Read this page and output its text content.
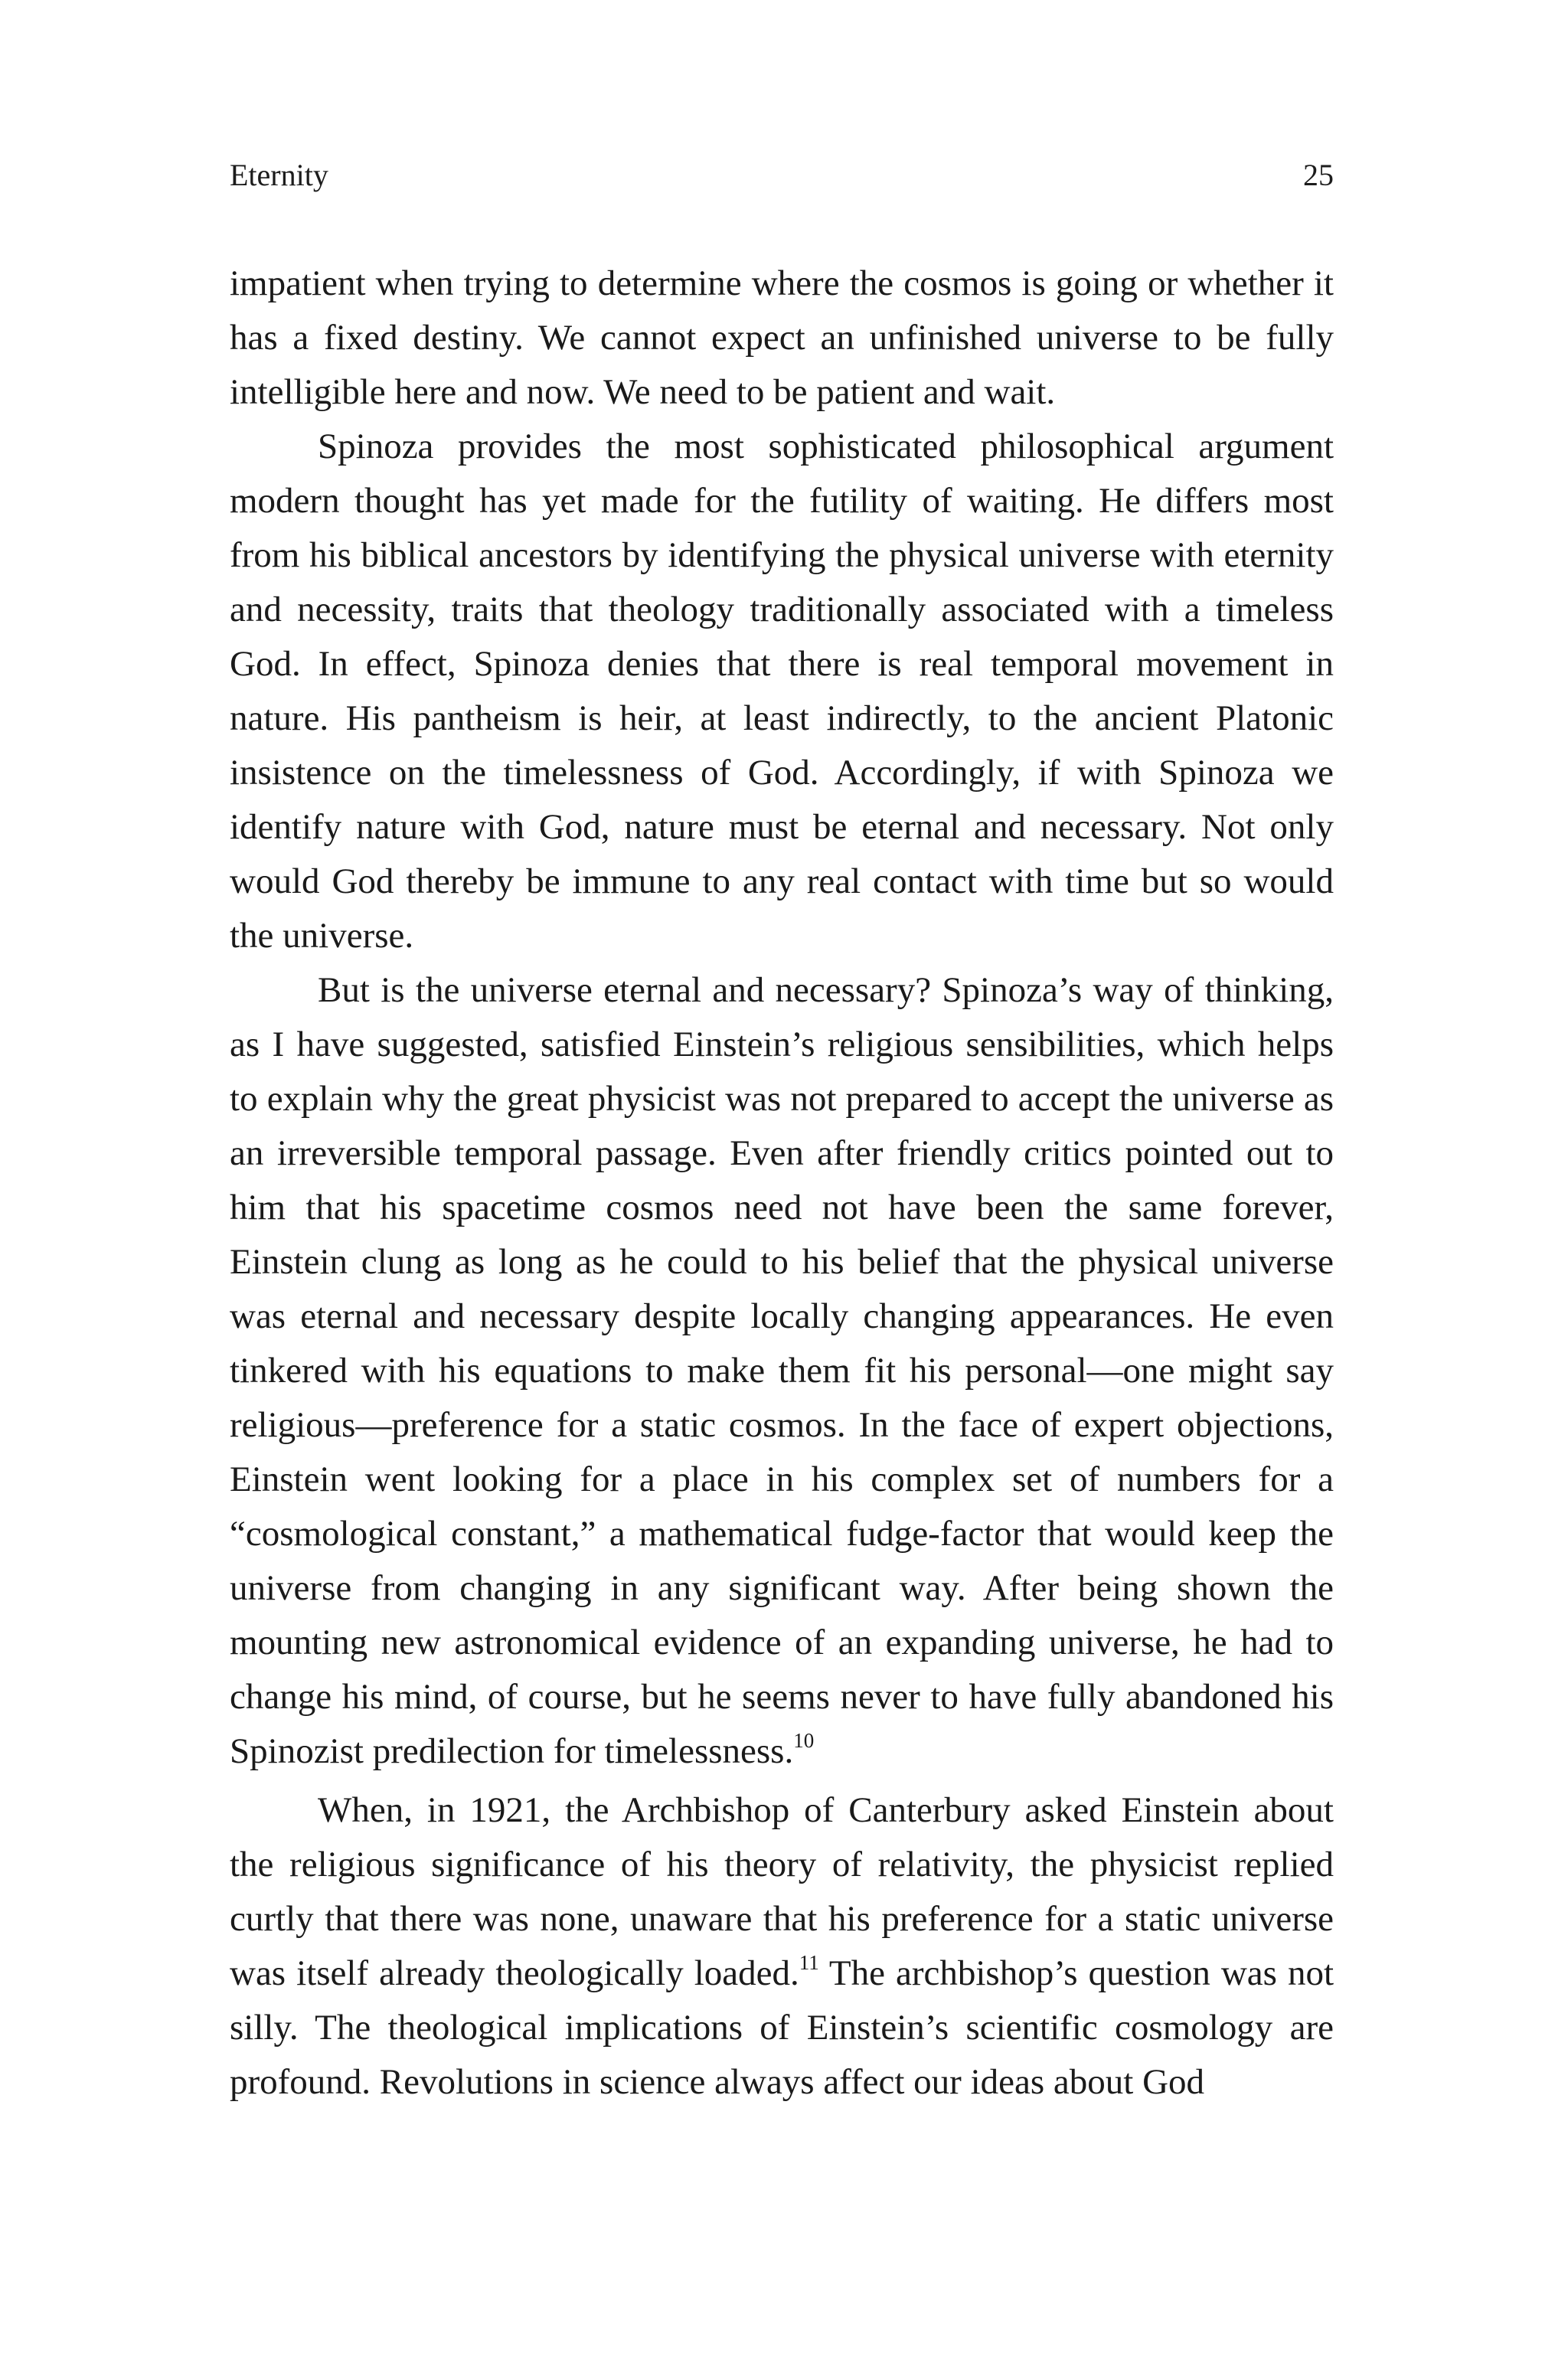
Eternity	25

impatient when trying to determine where the cosmos is going or whether it has a fixed destiny. We cannot expect an unfinished universe to be fully intelligible here and now. We need to be patient and wait.

Spinoza provides the most sophisticated philosophical argument modern thought has yet made for the futility of waiting. He differs most from his biblical ancestors by identifying the physical universe with eternity and necessity, traits that theology traditionally associated with a timeless God. In effect, Spinoza denies that there is real temporal movement in nature. His pantheism is heir, at least indirectly, to the ancient Platonic insistence on the timelessness of God. Accordingly, if with Spinoza we identify nature with God, nature must be eternal and necessary. Not only would God thereby be immune to any real contact with time but so would the universe.

But is the universe eternal and necessary? Spinoza’s way of thinking, as I have suggested, satisfied Einstein’s religious sensibilities, which helps to explain why the great physicist was not prepared to accept the universe as an irreversible temporal passage. Even after friendly critics pointed out to him that his spacetime cosmos need not have been the same forever, Einstein clung as long as he could to his belief that the physical universe was eternal and necessary despite locally changing appearances. He even tinkered with his equations to make them fit his personal—one might say religious—preference for a static cosmos. In the face of expert objections, Einstein went looking for a place in his complex set of numbers for a “cosmological constant,” a mathematical fudge-factor that would keep the universe from changing in any significant way. After being shown the mounting new astronomical evidence of an expanding universe, he had to change his mind, of course, but he seems never to have fully abandoned his Spinozist predilection for timelessness.$^{10}$

When, in 1921, the Archbishop of Canterbury asked Einstein about the religious significance of his theory of relativity, the physicist replied curtly that there was none, unaware that his preference for a static universe was itself already theologically loaded.$^{11}$ The archbishop’s question was not silly. The theological implications of Einstein’s scientific cosmology are profound. Revolutions in science always affect our ideas about God
